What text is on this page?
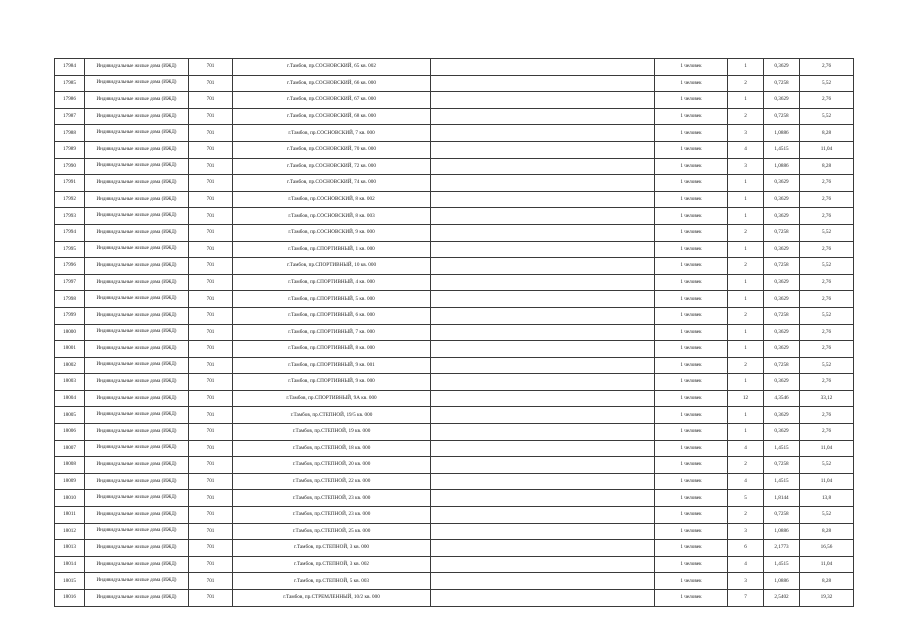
17984	Индивидуальные жилые дома (ИЖД)	701	г.Тамбов, пр.СОСНОВСКИЙ, 65 кв. 002		1 человек	1	0,3629	2,76
17985	Индивидуальные жилые дома (ИЖД)	701	г.Тамбов, пр.СОСНОВСКИЙ, 66 кв. 000		1 человек	2	0,7258	5,52
17986	Индивидуальные жилые дома (ИЖД)	701	г.Тамбов, пр.СОСНОВСКИЙ, 67 кв. 000		1 человек	1	0,3629	2,76
17987	Индивидуальные жилые дома (ИЖД)	701	г.Тамбов, пр.СОСНОВСКИЙ, 68 кв. 000		1 человек	2	0,7258	5,52
17988	Индивидуальные жилые дома (ИЖД)	701	г.Тамбов, пр.СОСНОВСКИЙ, 7 кв. 000		1 человек	3	1,0886	8,28
17989	Индивидуальные жилые дома (ИЖД)	701	г.Тамбов, пр.СОСНОВСКИЙ, 70 кв. 000		1 человек	4	1,4515	11,04
17990	Индивидуальные жилые дома (ИЖД)	701	г.Тамбов, пр.СОСНОВСКИЙ, 72 кв. 000		1 человек	3	1,0886	8,28
17991	Индивидуальные жилые дома (ИЖД)	701	г.Тамбов, пр.СОСНОВСКИЙ, 74 кв. 000		1 человек	1	0,3629	2,76
17992	Индивидуальные жилые дома (ИЖД)	701	г.Тамбов, пр.СОСНОВСКИЙ, 8 кв. 002		1 человек	1	0,3629	2,76
17993	Индивидуальные жилые дома (ИЖД)	701	г.Тамбов, пр.СОСНОВСКИЙ, 8 кв. 003		1 человек	1	0,3629	2,76
17994	Индивидуальные жилые дома (ИЖД)	701	г.Тамбов, пр.СОСНОВСКИЙ, 9 кв. 000		1 человек	2	0,7258	5,52
17995	Индивидуальные жилые дома (ИЖД)	701	г.Тамбов, пр.СПОРТИВНЫЙ, 1 кв. 000		1 человек	1	0,3629	2,76
17996	Индивидуальные жилые дома (ИЖД)	701	г.Тамбов, пр.СПОРТИВНЫЙ, 10 кв. 000		1 человек	2	0,7258	5,52
17997	Индивидуальные жилые дома (ИЖД)	701	г.Тамбов, пр.СПОРТИВНЫЙ, 4 кв. 000		1 человек	1	0,3629	2,76
17998	Индивидуальные жилые дома (ИЖД)	701	г.Тамбов, пр.СПОРТИВНЫЙ, 5 кв. 000		1 человек	1	0,3629	2,76
17999	Индивидуальные жилые дома (ИЖД)	701	г.Тамбов, пр.СПОРТИВНЫЙ, 6 кв. 000		1 человек	2	0,7258	5,52
18000	Индивидуальные жилые дома (ИЖД)	701	г.Тамбов, пр.СПОРТИВНЫЙ, 7 кв. 000		1 человек	1	0,3629	2,76
18001	Индивидуальные жилые дома (ИЖД)	701	г.Тамбов, пр.СПОРТИВНЫЙ, 8 кв. 000		1 человек	1	0,3629	2,76
18002	Индивидуальные жилые дома (ИЖД)	701	г.Тамбов, пр.СПОРТИВНЫЙ, 9 кв. 001		1 человек	2	0,7258	5,52
18003	Индивидуальные жилые дома (ИЖД)	701	г.Тамбов, пр.СПОРТИВНЫЙ, 9 кв. 000		1 человек	1	0,3629	2,76
18004	Индивидуальные жилые дома (ИЖД)	701	г.Тамбов, пр.СПОРТИВНЫЙ, 9А кв. 000		1 человек	12	4,3546	33,12
18005	Индивидуальные жилые дома (ИЖД)	701	г.Тамбов, пр.СТЕПНОЙ, 19/5 кв. 000		1 человек	1	0,3629	2,76
18006	Индивидуальные жилые дома (ИЖД)	701	г.Тамбов, пр.СТЕПНОЙ, 19 кв. 000		1 человек	1	0,3629	2,76
18007	Индивидуальные жилые дома (ИЖД)	701	г.Тамбов, пр.СТЕПНОЙ, 18 кв. 000		1 человек	4	1,4515	11,04
18008	Индивидуальные жилые дома (ИЖД)	701	г.Тамбов, пр.СТЕПНОЙ, 20 кв. 000		1 человек	2	0,7258	5,52
18009	Индивидуальные жилые дома (ИЖД)	701	г.Тамбов, пр.СТЕПНОЙ, 22 кв. 000		1 человек	4	1,4515	11,04
18010	Индивидуальные жилые дома (ИЖД)	701	г.Тамбов, пр.СТЕПНОЙ, 23 кв. 000		1 человек	5	1,8144	13,8
18011	Индивидуальные жилые дома (ИЖД)	701	г.Тамбов, пр.СТЕПНОЙ, 23 кв. 000		1 человек	2	0,7258	5,52
18012	Индивидуальные жилые дома (ИЖД)	701	г.Тамбов, пр.СТЕПНОЙ, 25 кв. 000		1 человек	3	1,0886	8,28
18013	Индивидуальные жилые дома (ИЖД)	701	г.Тамбов, пр.СТЕПНОЙ, 3 кв. 000		1 человек	6	2,1773	16,56
18014	Индивидуальные жилые дома (ИЖД)	701	г.Тамбов, пр.СТЕПНОЙ, 3 кв. 002		1 человек	4	1,4515	11,04
18015	Индивидуальные жилые дома (ИЖД)	701	г.Тамбов, пр.СТЕПНОЙ, 5 кв. 003		1 человек	3	1,0886	8,28
18016	Индивидуальные жилые дома (ИЖД)	701	г.Тамбов, пр.СТРЕМЛЕННЫЙ, 10/2 кв. 000		1 человек	7	2,5402	19,32
